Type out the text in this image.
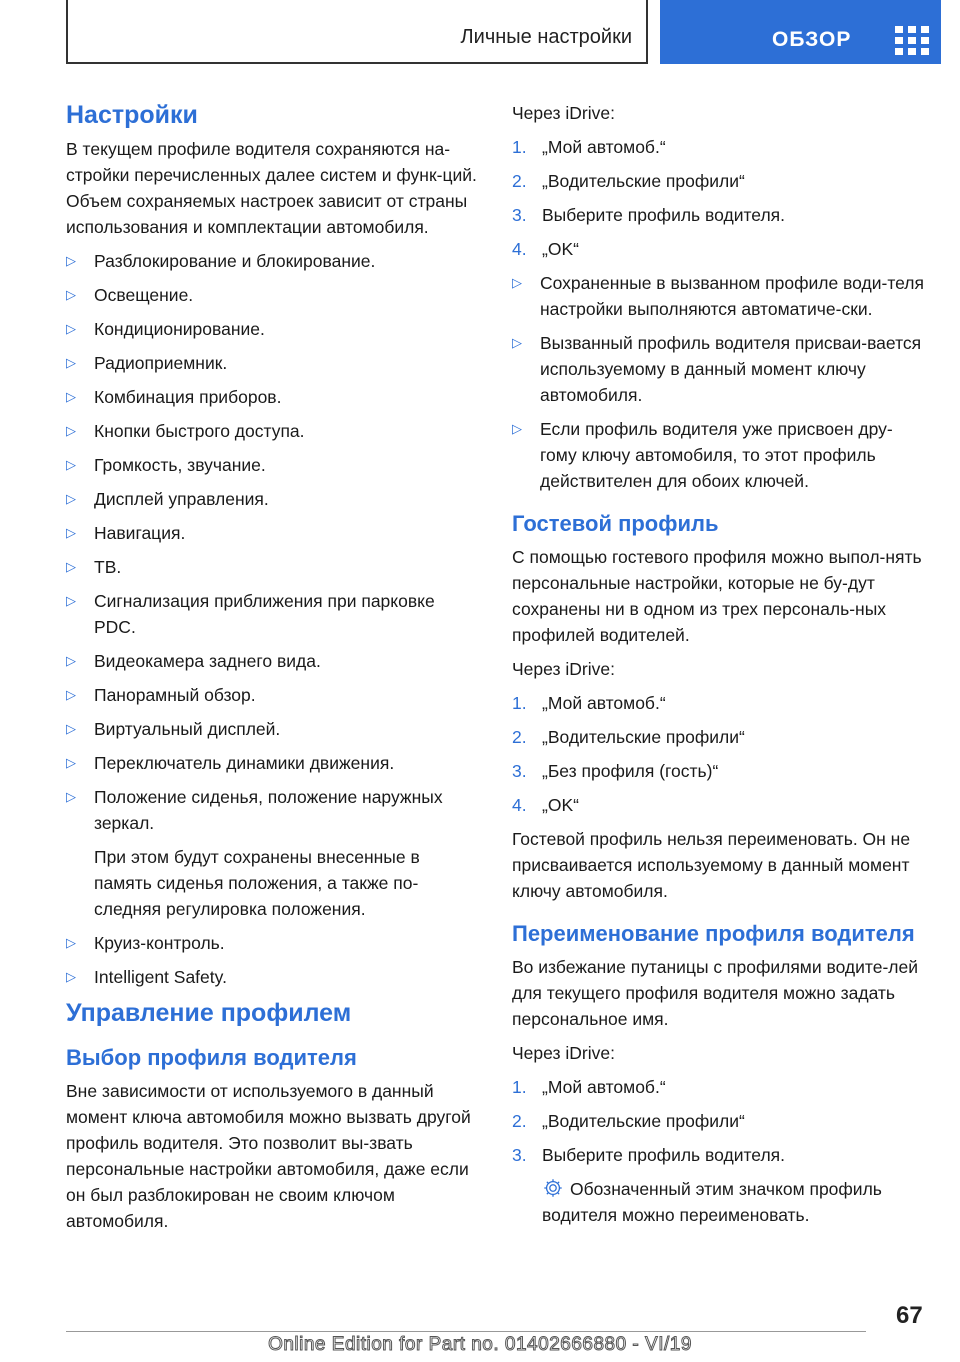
Личные настройки	ОБЗОР
Настройки

В текущем профиле водителя сохраняются на-стройки перечисленных далее систем и функ-ций. Объем сохраняемых настроек зависит от страны использования и комплектации автомобиля.

▷ Разблокирование и блокирование.
▷ Освещение.
▷ Кондиционирование.
▷ Радиоприемник.
▷ Комбинация приборов.
▷ Кнопки быстрого доступа.
▷ Громкость, звучание.
▷ Дисплей управления.
▷ Навигация.
▷ ТВ.
▷ Сигнализация приближения при парковке PDC.
▷ Видеокамера заднего вида.
▷ Панорамный обзор.
▷ Виртуальный дисплей.
▷ Переключатель динамики движения.
▷ Положение сиденья, положение наружных зеркал.

При этом будут сохранены внесенные в память сиденья положения, а также по-следняя регулировка положения.

▷ Круиз-контроль.
▷ Intelligent Safety.
Управление профилем
Выбор профиля водителя

Вне зависимости от используемого в данный момент ключа автомобиля можно вызвать другой профиль водителя. Это позволит вы-звать персональные настройки автомобиля, даже если он был разблокирован не своим ключом автомобиля.

Через iDrive:

1. „Мой автомоб.“
2. „Водительские профили“
3. Выберите профиль водителя.
4. „OK“
▷ Сохраненные в вызванном профиле води-теля настройки выполняются автоматиче-ски.
▷ Вызванный профиль водителя присваи-вается используемому в данный момент ключу автомобиля.
▷ Если профиль водителя уже присвоен дру-гому ключу автомобиля, то этот профиль действителен для обоих ключей.
Гостевой профиль

С помощью гостевого профиля можно выпол-нять персональные настройки, которые не бу-дут сохранены ни в одном из трех персональ-ных профилей водителей.

Через iDrive:

1. „Мой автомоб.“
2. „Водительские профили“
3. „Без профиля (гость)“
4. „OK“

Гостевой профиль нельзя переименовать. Он не присваивается используемому в данный момент ключу автомобиля.

Переименование профиля водителя

Во избежание путаницы с профилями водите-лей для текущего профиля водителя можно задать персональное имя.

Через iDrive:

1. „Мой автомоб.“
2. „Водительские профили“
3. Выберите профиль водителя.
Обозначенный этим значком профиль водителя можно переименовать.
67
Online Edition for Part no. 01402666880 - VI/19
